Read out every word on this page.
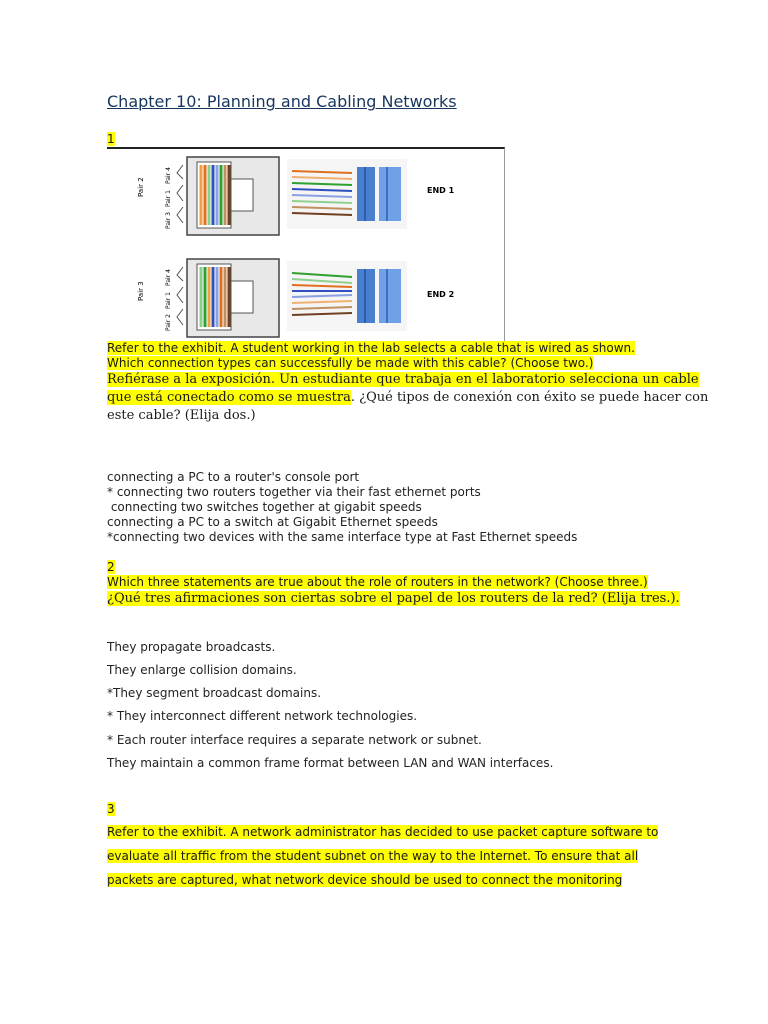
Chapter 10: Planning and Cabling Networks
1
Pair 2
Pair 4
Pair 1
Pair 3
END 1
Pair 3
Pair 4
Pair 1
Pair 2
END 2
Refer to the exhibit. A student working in the lab selects a cable that is wired as shown.
Which connection types can successfully be made with this cable? (Choose two.)
Refiérase a la exposición. Un estudiante que trabaja en el laboratorio selecciona un cable
que está conectado como se muestra. ¿Qué tipos de conexión con éxito se puede hacer con
este cable? (Elija dos.)
connecting a PC to a router's console port
* connecting two routers together via their fast ethernet ports
connecting two switches together at gigabit speeds
connecting a PC to a switch at Gigabit Ethernet speeds
*connecting two devices with the same interface type at Fast Ethernet speeds
2
Which three statements are true about the role of routers in the network? (Choose three.)
¿Qué tres afirmaciones son ciertas sobre el papel de los routers de la red? (Elija tres.).
They propagate broadcasts.
They enlarge collision domains.
*They segment broadcast domains.
* They interconnect different network technologies.
* Each router interface requires a separate network or subnet.
They maintain a common frame format between LAN and WAN interfaces.
3
Refer to the exhibit. A network administrator has decided to use packet capture software to
evaluate all traffic from the student subnet on the way to the Internet. To ensure that all
packets are captured, what network device should be used to connect the monitoring
